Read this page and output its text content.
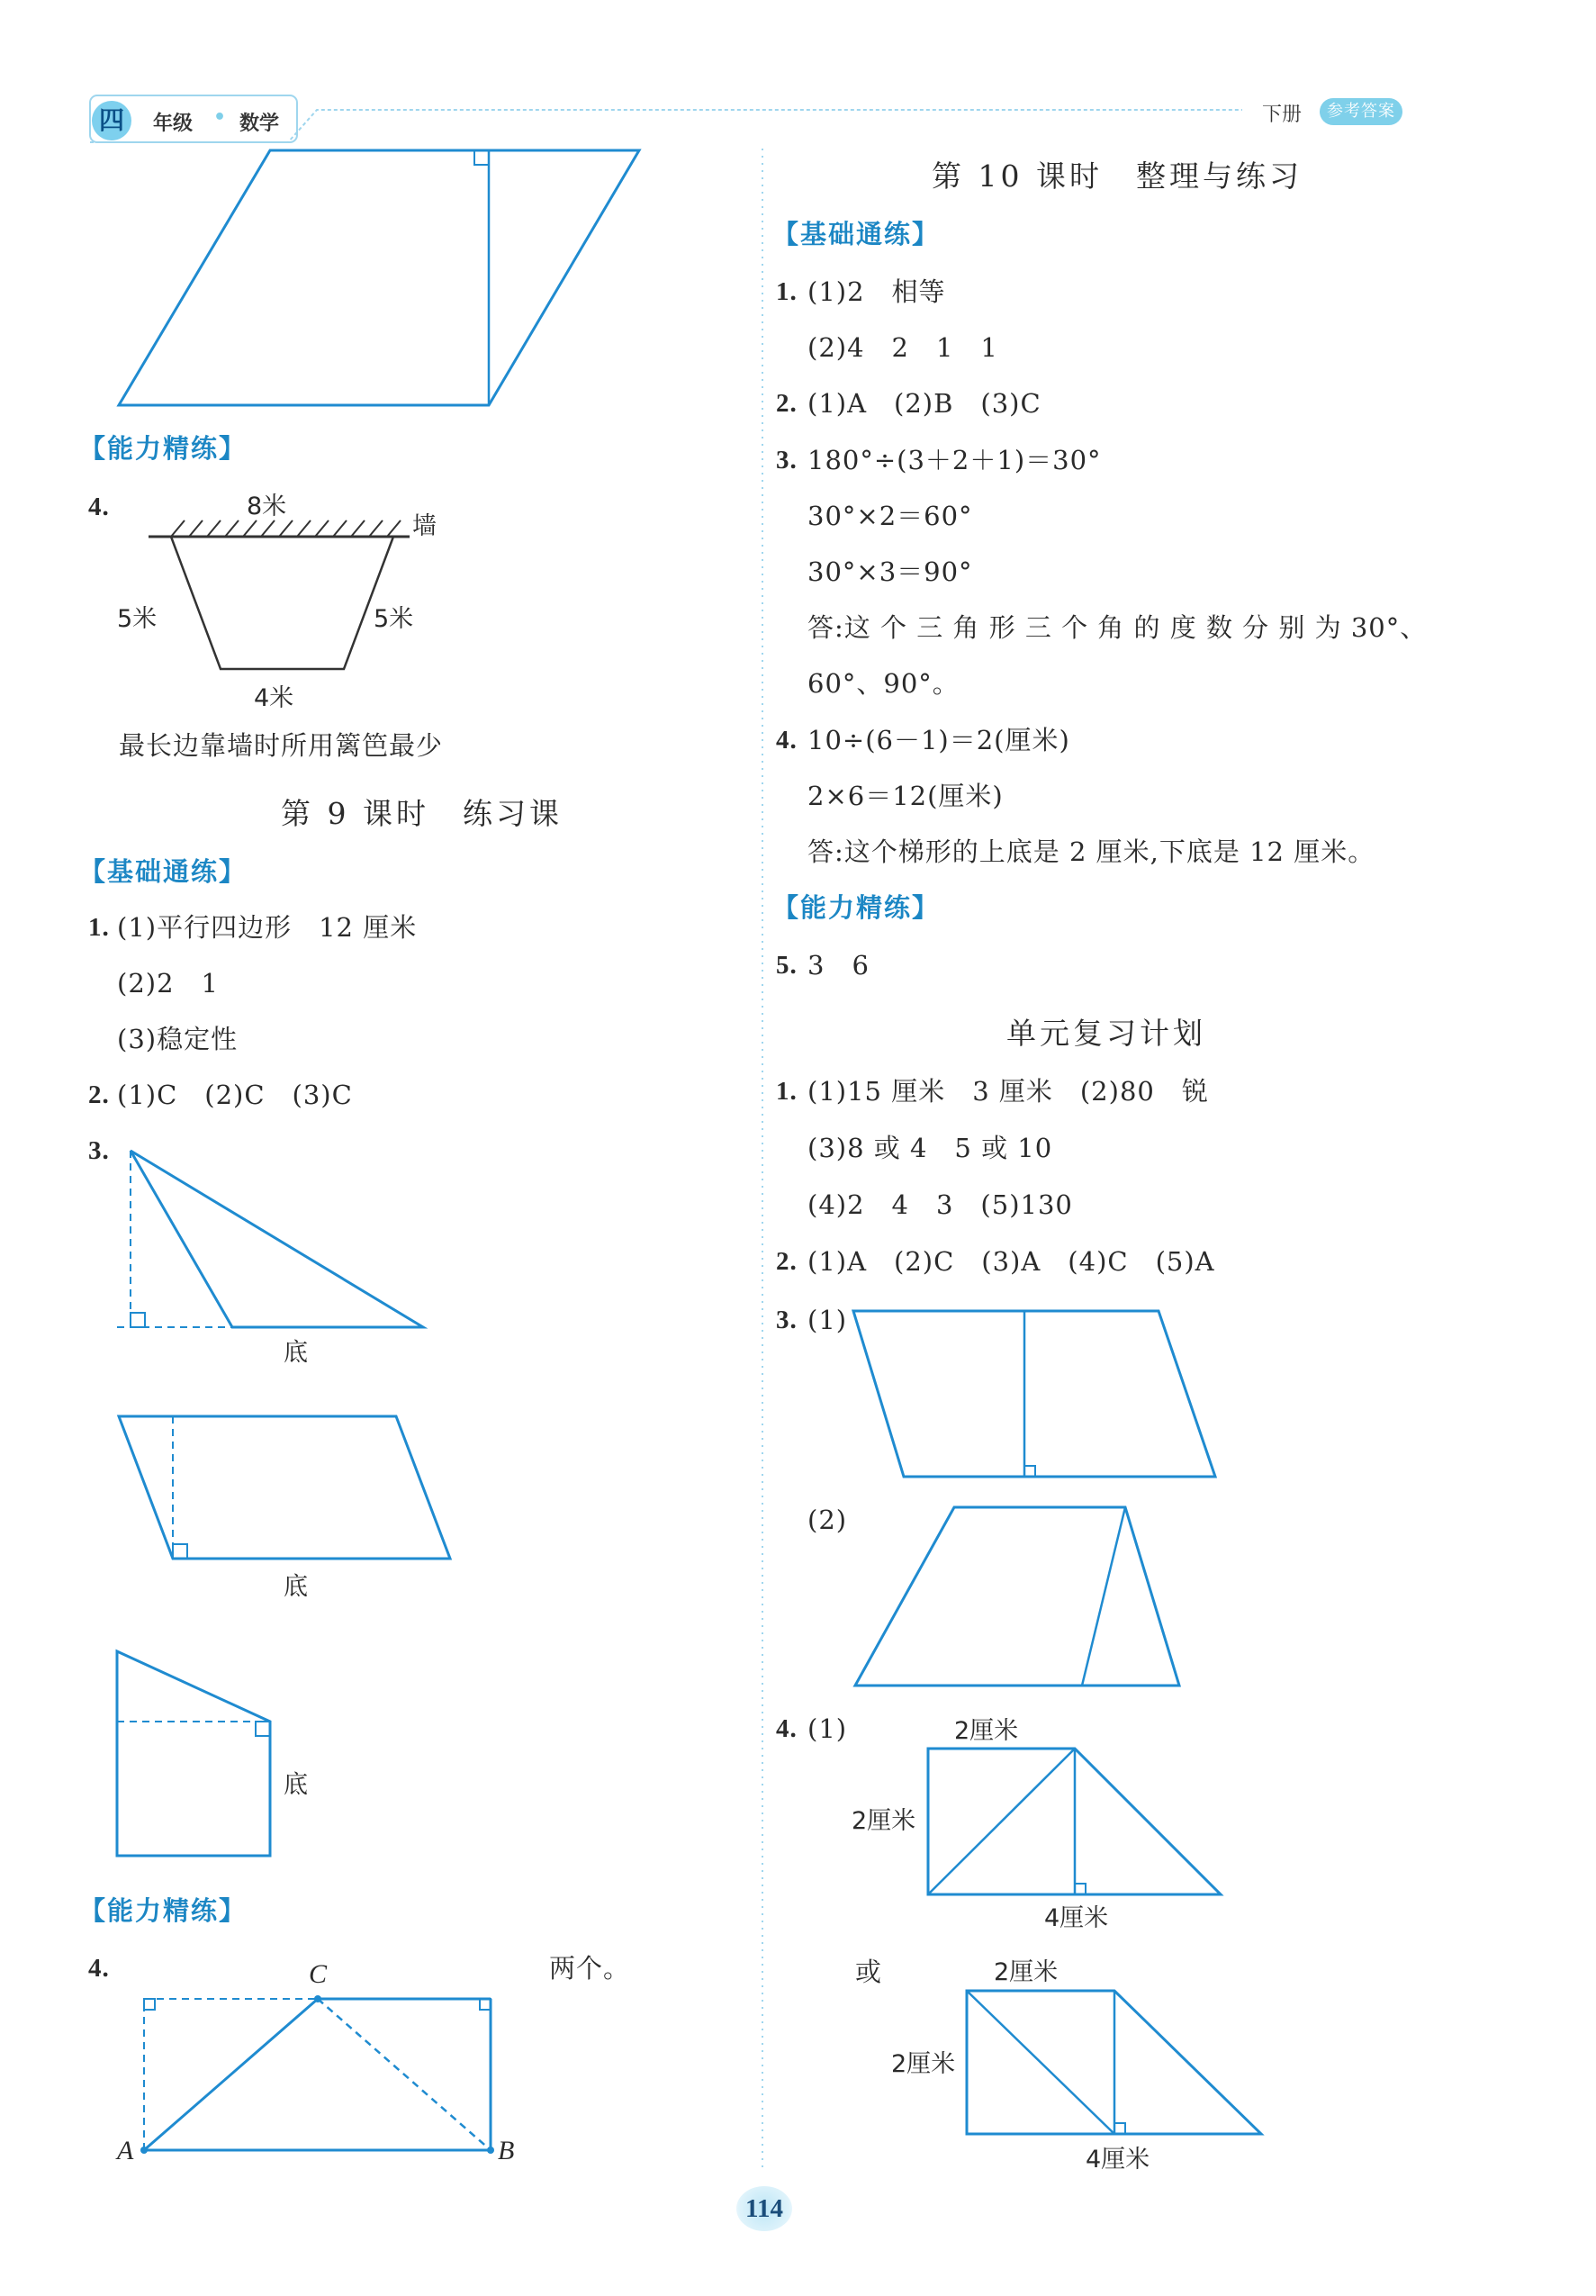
四	年级 • 数学	下册	参考答案
【能力精练】
4.	8米
墙
5米	5米
4米
最长边靠墙时所用篱笆最少
第 9 课时　练习课
【基础通练】
1. (1)平行四边形　12 厘米
(2)2　1
(3)稳定性
2. (1)C　(2)C　(3)C
3.
底
底
底
【能力精练】
4.	两个。
C
A	B
第 10 课时　整理与练习
【基础通练】
1. (1)2　相等
(2)4　2　1　1
2. (1)A　(2)B　(3)C
3. 180°÷(3＋2＋1)＝30°
30°×2＝60°
30°×3＝90°
答:这 个 三 角 形 三 个 角 的 度 数 分 别 为 30°、
60°、90°。
4. 10÷(6－1)＝2(厘米)
2×6＝12(厘米)
答:这个梯形的上底是 2 厘米,下底是 12 厘米。
【能力精练】
5. 3　6
单元复习计划
1. (1)15 厘米　3 厘米　(2)80　锐
(3)8 或 4　5 或 10
(4)2　4　3　(5)130
2. (1)A　(2)C　(3)A　(4)C　(5)A
3. (1)
(2)
4. (1)	2厘米
2厘米
4厘米
或	2厘米
2厘米
4厘米
114
